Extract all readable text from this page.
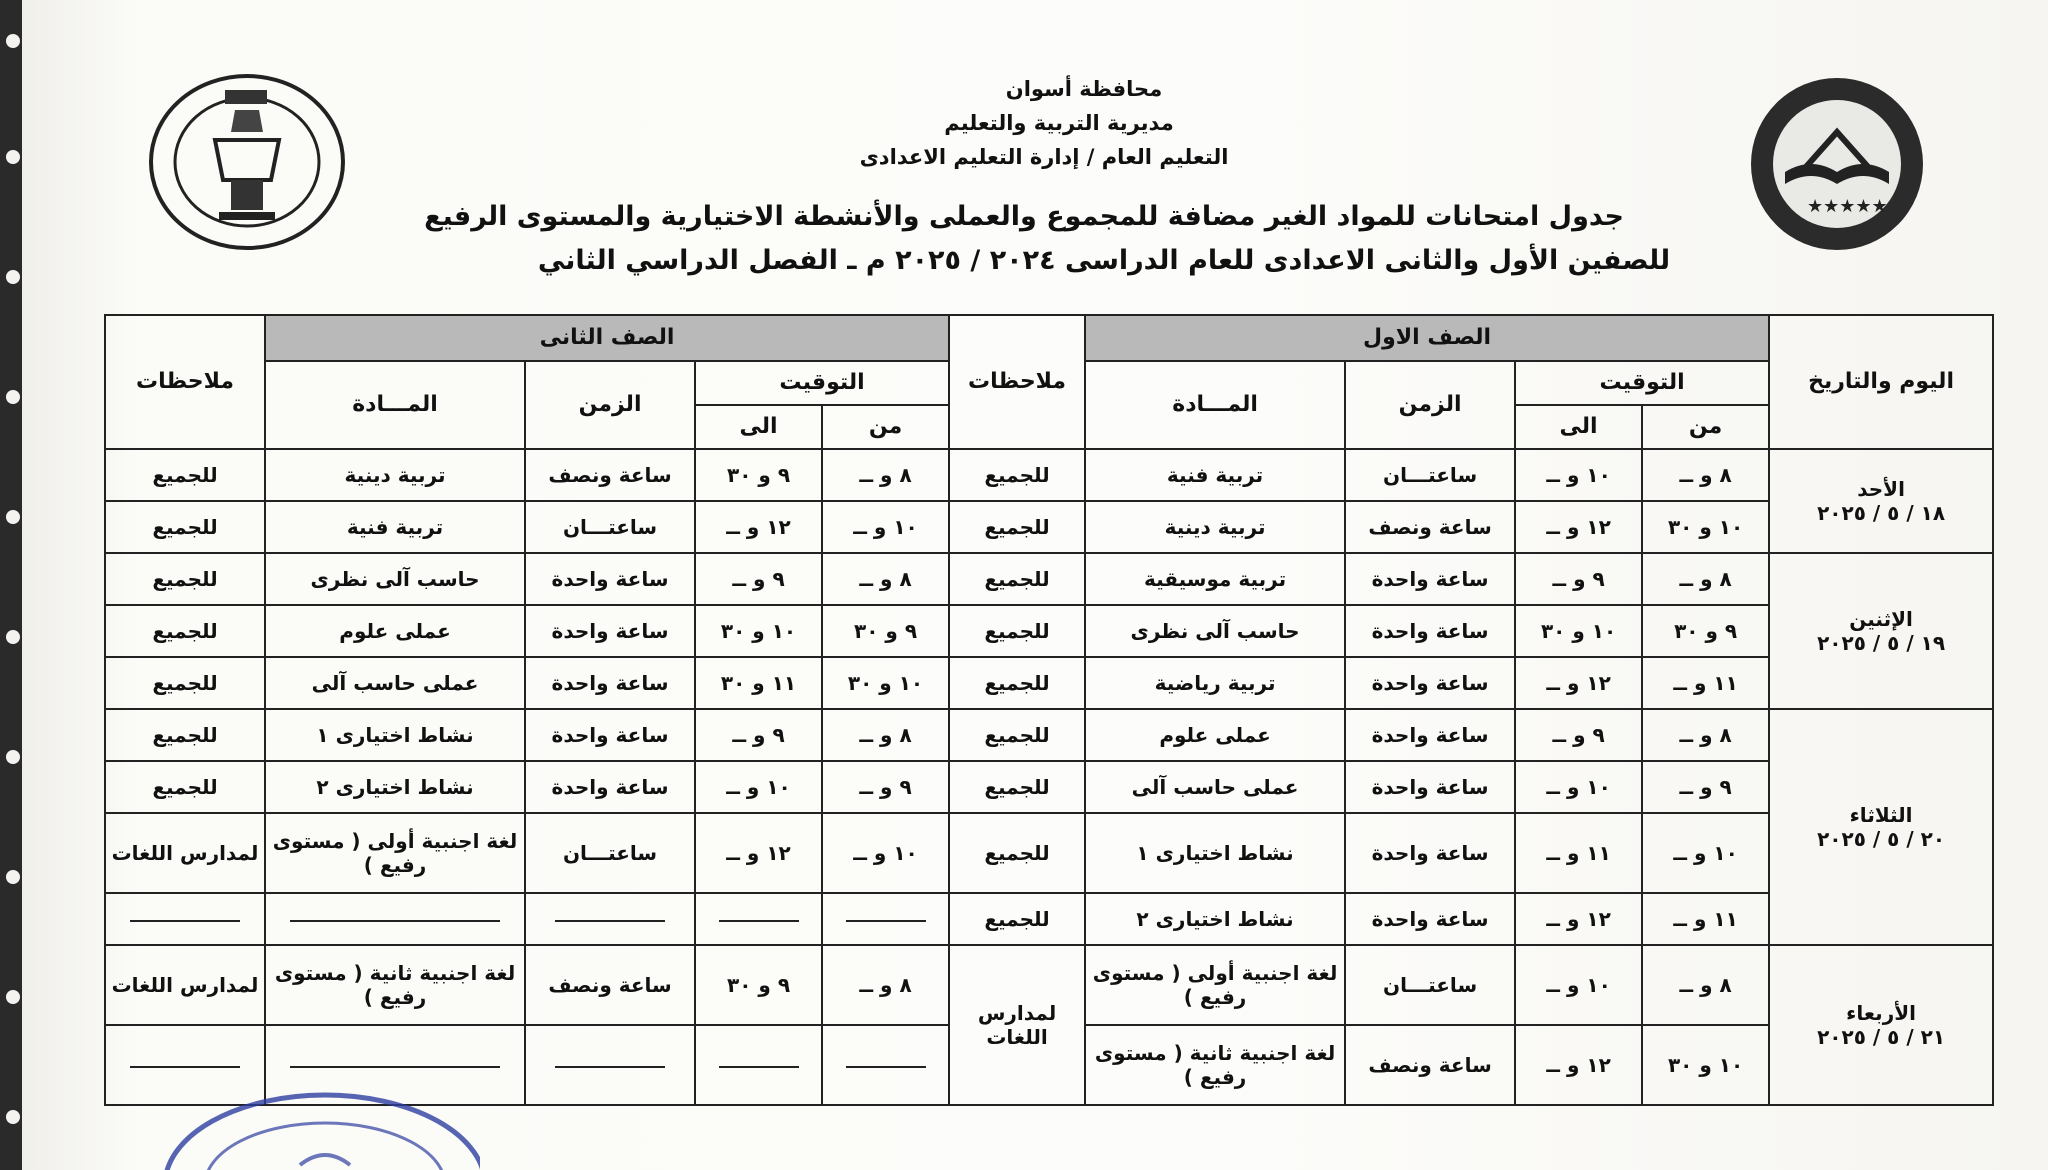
★★★★★
محافظة أسوان
مديرية التربية والتعليم
التعليم العام / إدارة التعليم الاعدادى
جدول امتحانات للمواد الغير مضافة للمجموع والعملى والأنشطة الاختيارية والمستوى الرفيع
للصفين الأول والثانى الاعدادى للعام الدراسى ٢٠٢٤ / ٢٠٢٥ م ـ الفصل الدراسي الثاني
اليوم والتاريخ	الصف الاول				ملاحظات	الصف الثانى				ملاحظات
	التوقيت		الزمن	المـــادة		التوقيت		الزمن	المـــادة	
	من	الى				من	الى			
الأحد
١٨ / ٥ / ٢٠٢٥	٨ و ــ	١٠ و ــ	ساعتـــان	تربية فنية	للجميع	٨ و ــ	٩ و ٣٠	ساعة ونصف	تربية دينية	للجميع
	١٠ و ٣٠	١٢ و ــ	ساعة ونصف	تربية دينية	للجميع	١٠ و ــ	١٢ و ــ	ساعتـــان	تربية فنية	للجميع
الإثنين
١٩ / ٥ / ٢٠٢٥	٨ و ــ	٩ و ــ	ساعة واحدة	تربية موسيقية	للجميع	٨ و ــ	٩ و ــ	ساعة واحدة	حاسب آلى نظرى	للجميع
	٩ و ٣٠	١٠ و ٣٠	ساعة واحدة	حاسب آلى نظرى	للجميع	٩ و ٣٠	١٠ و ٣٠	ساعة واحدة	عملى علوم	للجميع
	١١ و ــ	١٢ و ــ	ساعة واحدة	تربية رياضية	للجميع	١٠ و ٣٠	١١ و ٣٠	ساعة واحدة	عملى حاسب آلى	للجميع
الثلاثاء
٢٠ / ٥ / ٢٠٢٥	٨ و ــ	٩ و ــ	ساعة واحدة	عملى علوم	للجميع	٨ و ــ	٩ و ــ	ساعة واحدة	نشاط اختيارى ١	للجميع
	٩ و ــ	١٠ و ــ	ساعة واحدة	عملى حاسب آلى	للجميع	٩ و ــ	١٠ و ــ	ساعة واحدة	نشاط اختيارى ٢	للجميع
	١٠ و ــ	١١ و ــ	ساعة واحدة	نشاط اختيارى ١	للجميع	١٠ و ــ	١٢ و ــ	ساعتـــان	لغة اجنبية أولى ( مستوى رفيع )	لمدارس اللغات
	١١ و ــ	١٢ و ــ	ساعة واحدة	نشاط اختيارى ٢	للجميع					
الأربعاء
٢١ / ٥ / ٢٠٢٥	٨ و ــ	١٠ و ــ	ساعتـــان	لغة اجنبية أولى ( مستوى رفيع )	لمدارس اللغات	٨ و ــ	٩ و ٣٠	ساعة ونصف	لغة اجنبية ثانية ( مستوى رفيع )	لمدارس اللغات
	١٠ و ٣٠	١٢ و ــ	ساعة ونصف	لغة اجنبية ثانية ( مستوى رفيع )						
